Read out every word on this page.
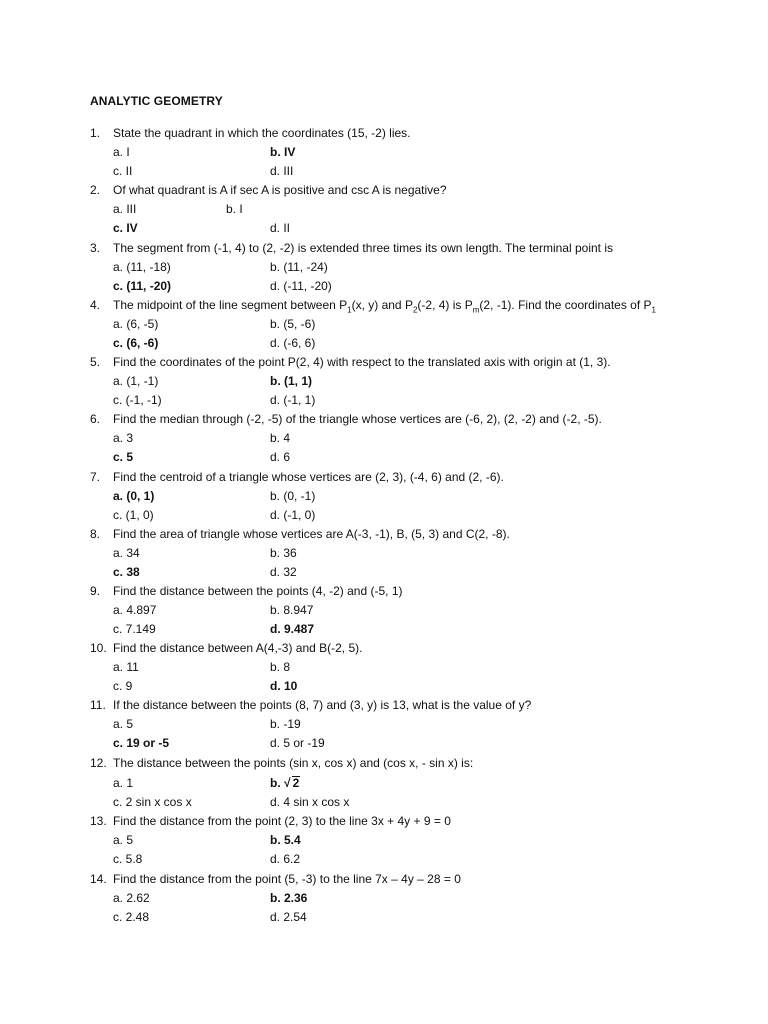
ANALYTIC GEOMETRY
1. State the quadrant in which the coordinates (15, -2) lies.
a. I	b. IV
c. II	d. III
2. Of what quadrant is A if sec A is positive and csc A is negative?
a. III	b. I
c. IV	d. II
3. The segment from (-1, 4) to (2, -2) is extended three times its own length. The terminal point is
a. (11, -18)	b. (11, -24)
c. (11, -20)	d. (-11, -20)
4. The midpoint of the line segment between $P_1(x$, y) and $P_2(-2$, 4) is $P_m(2$, -1). Find the coordinates of $P_1$
a. (6, -5)	b. (5, -6)
c. (6, -6)	d. (-6, 6)
5. Find the coordinates of the point P(2, 4) with respect to the translated axis with origin at (1, 3).
a. (1, -1)	b. (1, 1)
c. (-1, -1)	d. (-1, 1)
6. Find the median through (-2, -5) of the triangle whose vertices are (-6, 2), (2, -2) and (-2, -5).
a. 3	b. 4
c. 5	d. 6
7. Find the centroid of a triangle whose vertices are (2, 3), (-4, 6) and (2, -6).
a. (0, 1)	b. (0, -1)
c. (1, 0)	d. (-1, 0)
8. Find the area of triangle whose vertices are A(-3, -1), B, (5, 3) and C(2, -8).
a. 34	b. 36
c. 38	d. 32
9. Find the distance between the points (4, -2) and (-5, 1)
a. 4.897	b. 8.947
c. 7.149	d. 9.487
10. Find the distance between A(4,-3) and B(-2, 5).
a. 11	b. 8
c. 9	d. 10
11. If the distance between the points (8, 7) and (3, y) is 13, what is the value of y?
a. 5	b. -19
c. 19 or -5	d. 5 or -19
12. The distance between the points (sin x, cos x) and (cos x, - sin x) is:
a. 1	b. √ 2
c. 2 sin x cos x	d. 4 sin x cos x
13. Find the distance from the point (2, 3) to the line 3x + 4y + 9 = 0
a. 5	b. 5.4
c. 5.8	d. 6.2
14. Find the distance from the point (5, -3) to the line 7x – 4y – 28 = 0
a. 2.62	b. 2.36
c. 2.48	d. 2.54
